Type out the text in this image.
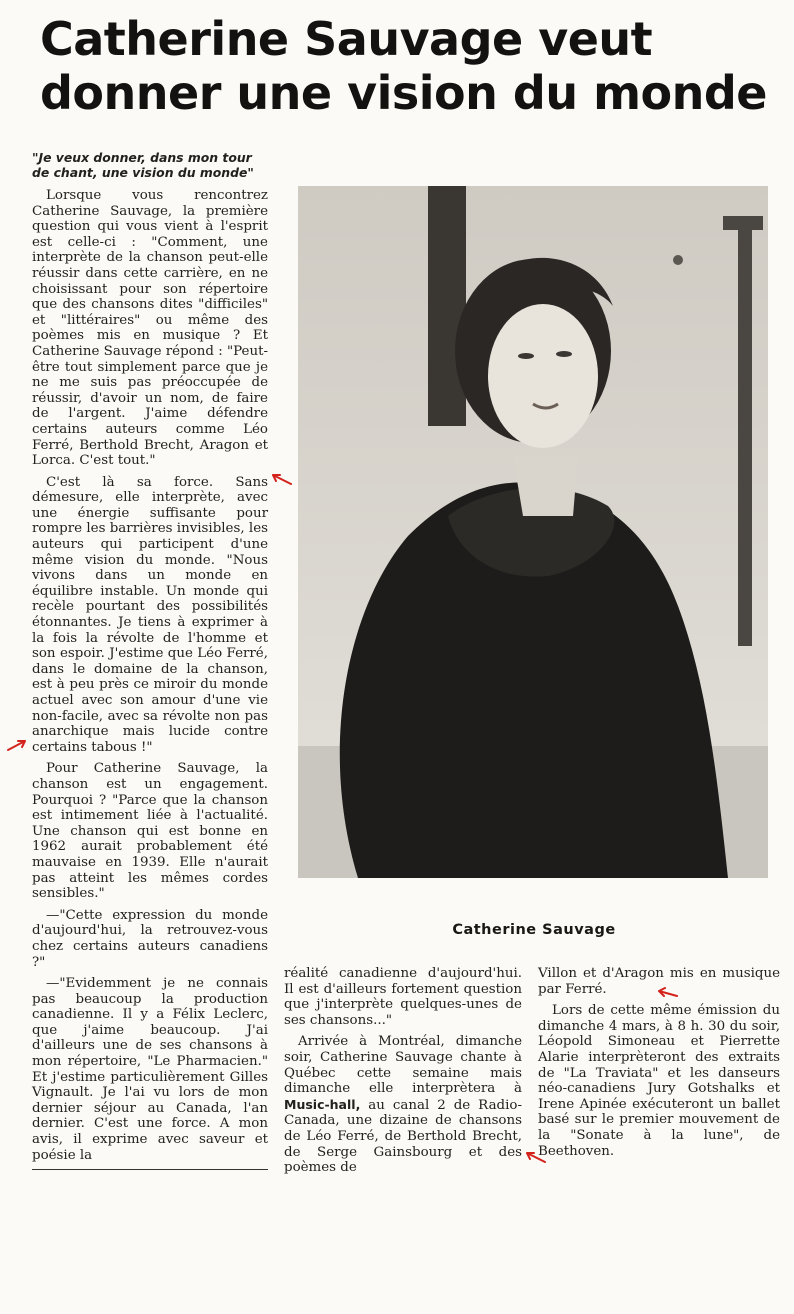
Catherine Sauvage veut
donner une vision du monde

"Je veux donner, dans mon tour de chant, une vision du monde"

Lorsque vous rencontrez Catherine Sauvage, la première question qui vous vient à l'esprit est celle-ci : "Comment, une interprète de la chanson peut-elle réussir dans cette carrière, en ne choisissant pour son répertoire que des chansons dites "difficiles" et "littéraires" ou même des poèmes mis en musique ? Et Catherine Sauvage répond : "Peut-être tout simplement parce que je ne me suis pas préoccupée de réussir, d'avoir un nom, de faire de l'argent. J'aime défendre certains auteurs comme Léo Ferré, Berthold Brecht, Aragon et Lorca. C'est tout."

C'est là sa force. Sans démesure, elle interprète, avec une énergie suffisante pour rompre les barrières invisibles, les auteurs qui participent d'une même vision du monde. "Nous vivons dans un monde en équilibre instable. Un monde qui recèle pourtant des possibilités étonnantes. Je tiens à exprimer à la fois la révolte de l'homme et son espoir. J'estime que Léo Ferré, dans le domaine de la chanson, est à peu près ce miroir du monde actuel avec son amour d'une vie non-facile, avec sa révolte non pas anarchique mais lucide contre certains tabous !"

Pour Catherine Sauvage, la chanson est un engagement. Pourquoi ? "Parce que la chanson est intimement liée à l'actualité. Une chanson qui est bonne en 1962 aurait probablement été mauvaise en 1939. Elle n'aurait pas atteint les mêmes cordes sensibles."

—"Cette expression du monde d'aujourd'hui, la retrouvez-vous chez certains auteurs canadiens ?"

—"Evidemment je ne connais pas beaucoup la production canadienne. Il y a Félix Leclerc, que j'aime beaucoup. J'ai d'ailleurs une de ses chansons à mon répertoire, "Le Pharmacien." Et j'estime particulièrement Gilles Vignault. Je l'ai vu lors de mon dernier séjour au Canada, l'an dernier. C'est une force. A mon avis, il exprime avec saveur et poésie la

Catherine Sauvage

réalité canadienne d'aujourd'hui. Il est d'ailleurs fortement question que j'interprète quelques-unes de ses chansons..."

Arrivée à Montréal, dimanche soir, Catherine Sauvage chante à Québec cette semaine mais dimanche elle interprètera à Music-hall, au canal 2 de Radio-Canada, une dizaine de chansons de Léo Ferré, de Berthold Brecht, de Serge Gainsbourg et des poèmes de

Villon et d'Aragon mis en musique par Ferré.

Lors de cette même émission du dimanche 4 mars, à 8 h. 30 du soir, Léopold Simoneau et Pierrette Alarie interprèteront des extraits de "La Traviata" et les danseurs néo-canadiens Jury Gotshalks et Irene Apinée exécuteront un ballet basé sur le premier mouvement de la "Sonate à la lune", de Beethoven.
